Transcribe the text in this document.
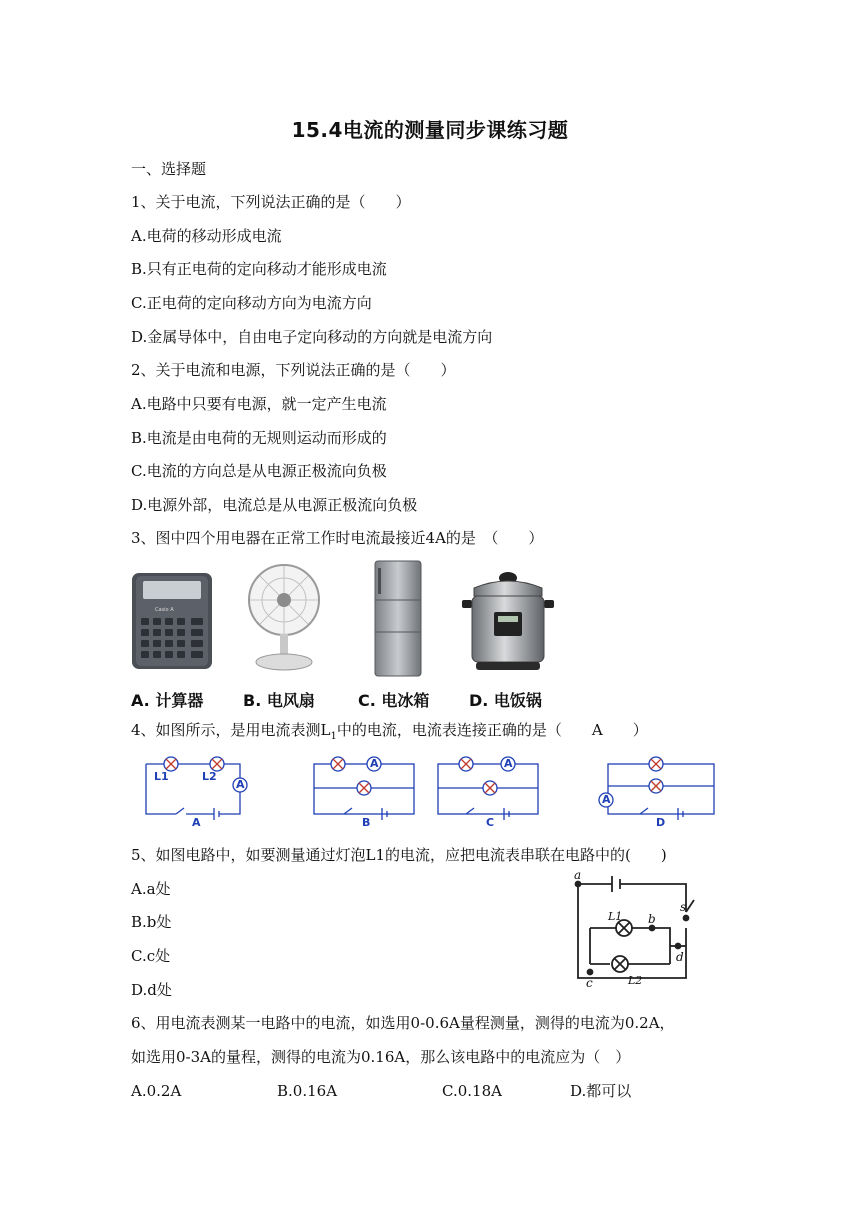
15.4电流的测量同步课练习题
一、选择题
1、关于电流，下列说法正确的是（　　）
A.电荷的移动形成电流
B.只有正电荷的定向移动才能形成电流
C.正电荷的定向移动方向为电流方向
D.金属导体中，自由电子定向移动的方向就是电流方向
2、关于电流和电源，下列说法正确的是（　　）
A.电路中只要有电源，就一定产生电流
B.电流是由电荷的无规则运动而形成的
C.电流的方向总是从电源正极流向负极
D.电源外部，电流总是从电源正极流向负极
3、图中四个用电器在正常工作时电流最接近4A的是　（　　）
Casio A
A. 计算器 B. 电风扇	C. 电冰箱 D. 电饭锅
4、如图所示，是用电流表测$L_1$中的电流，电流表连接正确的是（　　A　　）
A
L1	L2
A
A
B
A
C
A
D
5、如图电路中，如要测量通过灯泡L1的电流，应把电流表串联在电路中的(　　)
A.a处
B.b处
C.c处
D.d处
a
b
c
d
s
L1
L2
6、用电流表测某一电路中的电流，如选用0-0.6A量程测量，测得的电流为0.2A，
如选用0-3A的量程，测得的电流为0.16A，那么该电路中的电流应为（　）
A.0.2A	B.0.16A	C.0.18A	D.都可以
